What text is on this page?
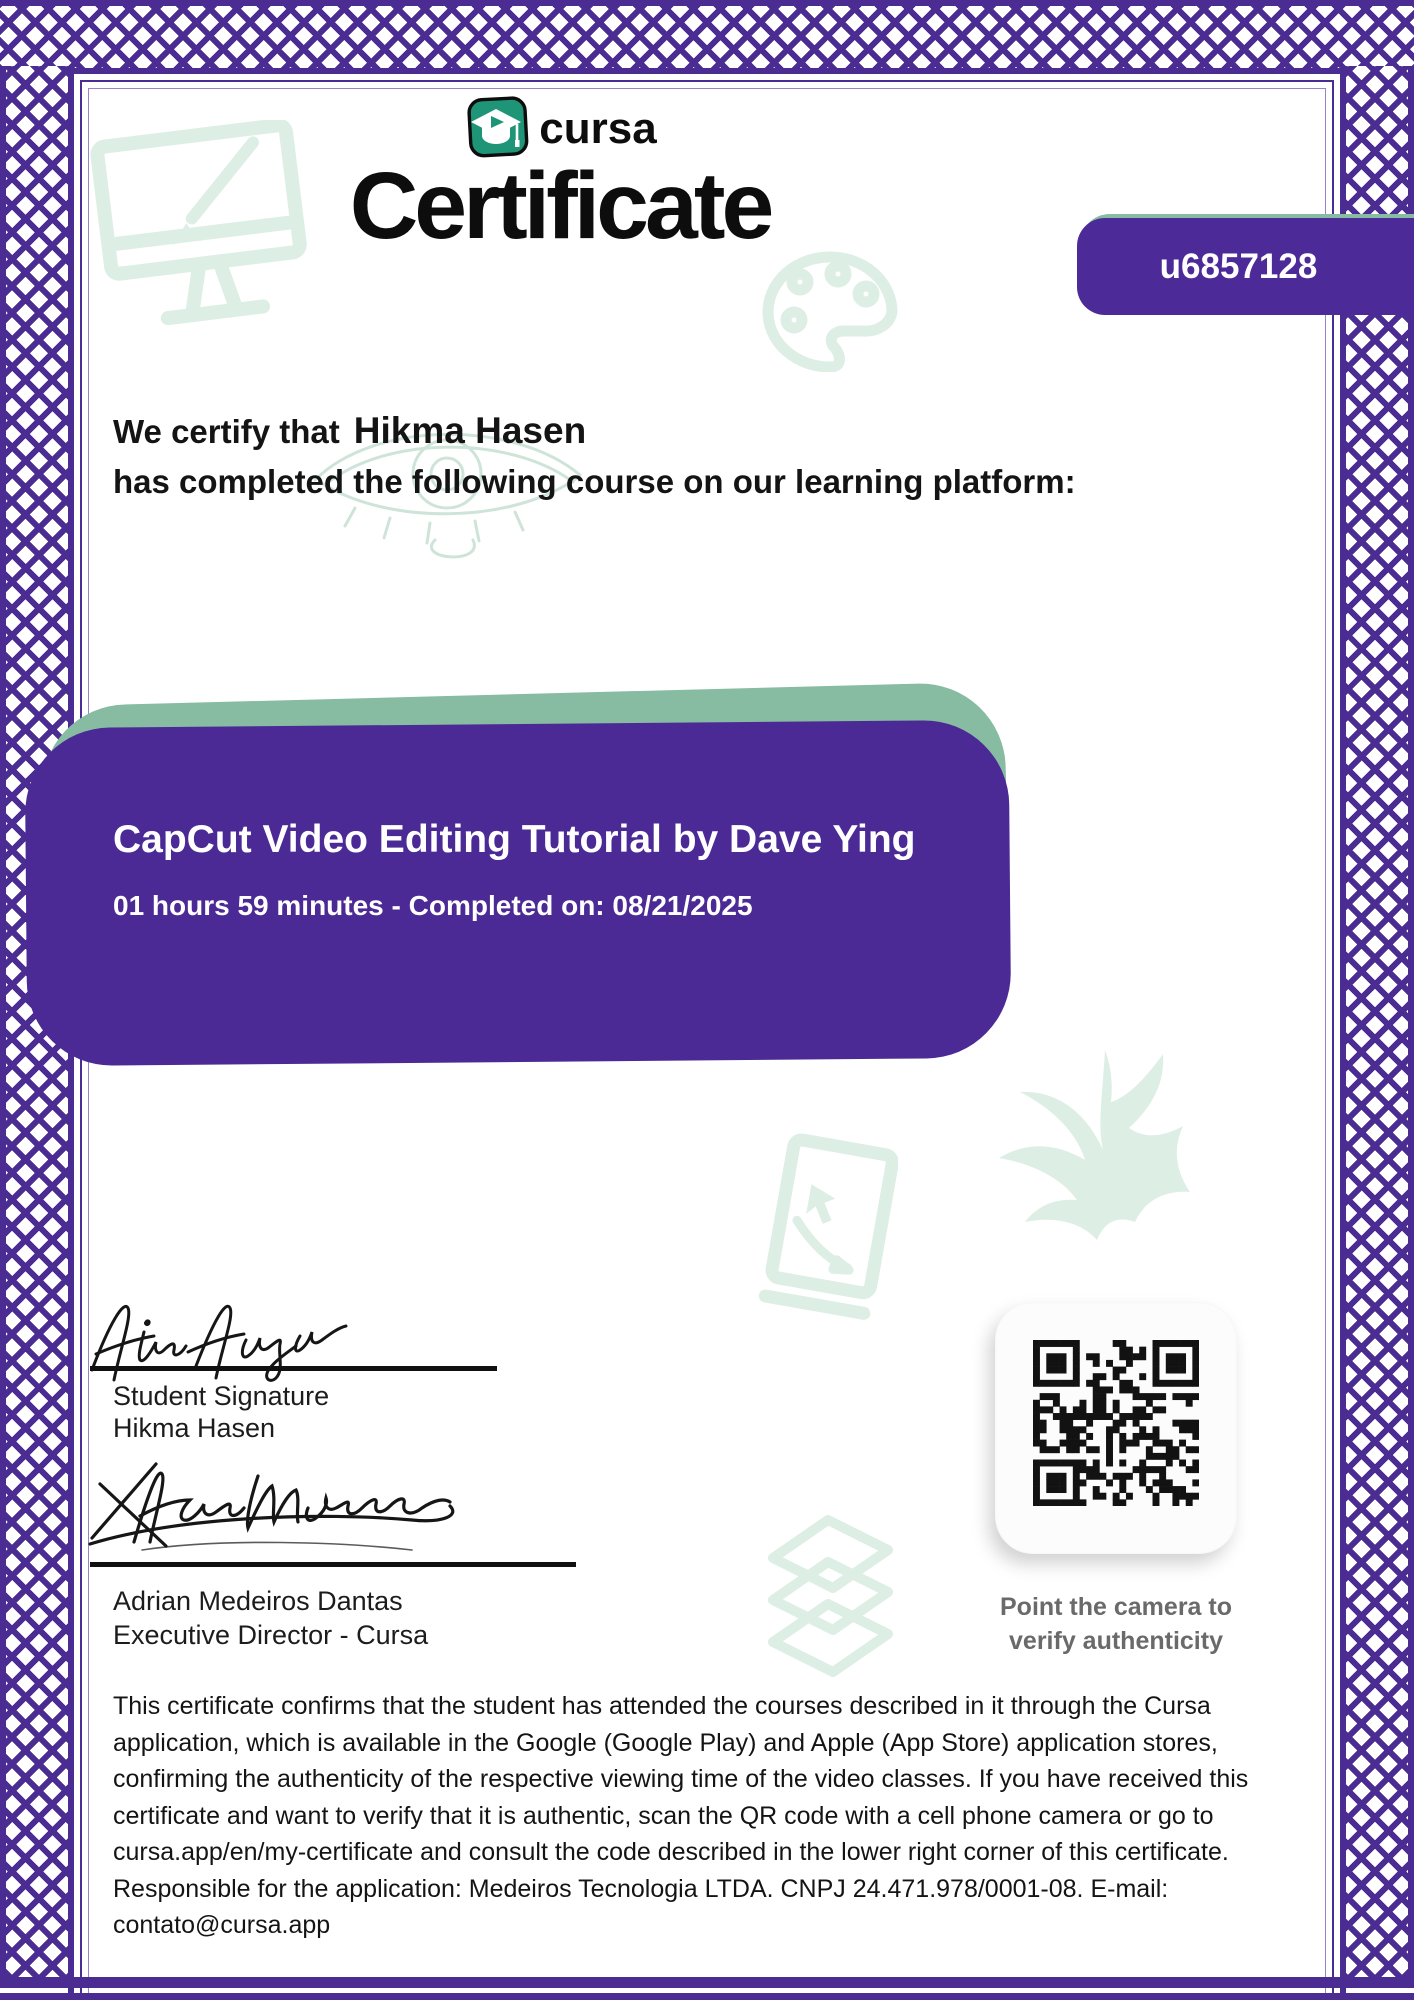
cursa
Certificate
u6857128
We certify that Hikma Hasen
has completed the following course on our learning platform:
CapCut Video Editing Tutorial by Dave Ying
01 hours 59 minutes - Completed on: 08/21/2025
Student Signature
Hikma Hasen
Adrian Medeiros Dantas
Executive Director - Cursa
Point the camera to
verify authenticity
This certificate confirms that the student has attended the courses described in it through the Cursa application, which is available in the Google (Google Play) and Apple (App Store) application stores, confirming the authenticity of the respective viewing time of the video classes. If you have received this certificate and want to verify that it is authentic, scan the QR code with a cell phone camera or go to cursa.app/en/my-certificate and consult the code described in the lower right corner of this certificate. Responsible for the application: Medeiros Tecnologia LTDA. CNPJ 24.471.978/0001-08. E-mail: contato@cursa.app
